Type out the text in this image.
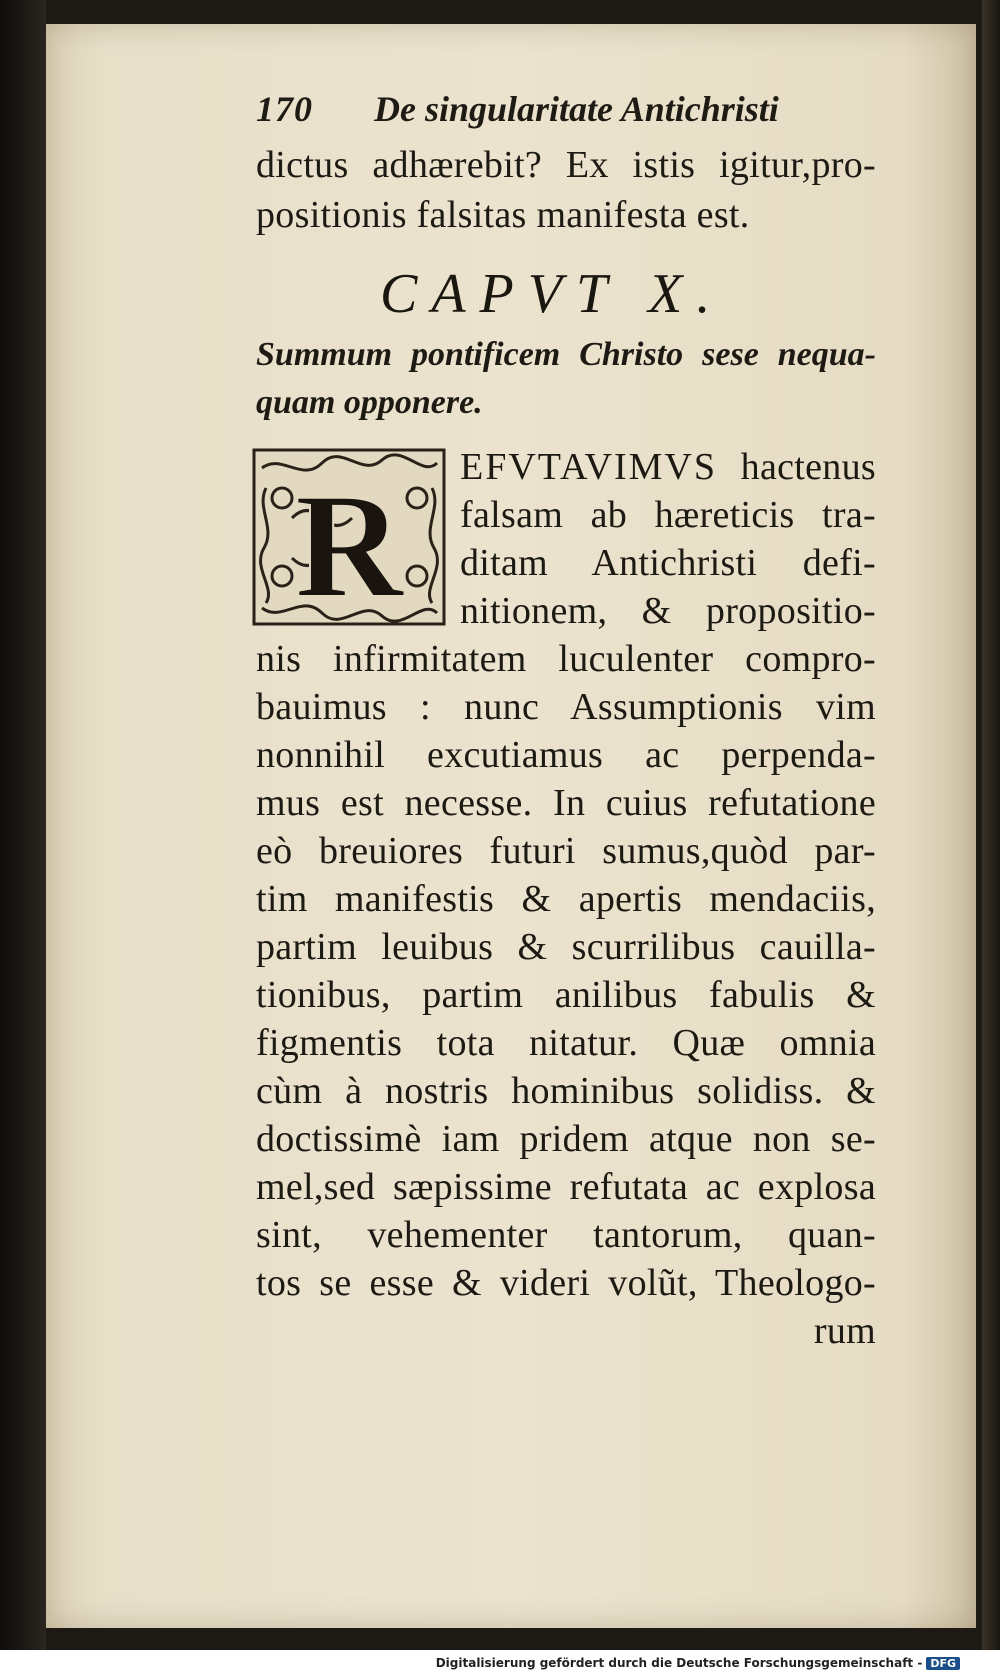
170 De singularitate Antichristi
dictus adhærebit? Ex istis igitur,pro-
positionis falsitas manifesta est.
CAPVT X.
Summum pontificem Christo sese nequa-
quam opponere.
R EFVTAVIMVS hactenus
falsam ab hæreticis tra-
ditam Antichristi defi-
nitionem, & propositio-
nis infirmitatem luculenter compro-
bauimus : nunc Assumptionis vim
nonnihil excutiamus ac perpenda-
mus est necesse. In cuius refutatione
eò breuiores futuri sumus,quòd par-
tim manifestis & apertis mendaciis,
partim leuibus & scurrilibus cauilla-
tionibus, partim anilibus fabulis &
figmentis tota nitatur. Quæ omnia
cùm à nostris hominibus solidiss. &
doctissimè iam pridem atque non se-
mel,sed sæpissime refutata ac explosa
sint, vehementer tantorum, quan-
tos se esse & videri volũt, Theologo-
rum
Digitalisierung gefördert durch die Deutsche Forschungsgemeinschaft - DFG
